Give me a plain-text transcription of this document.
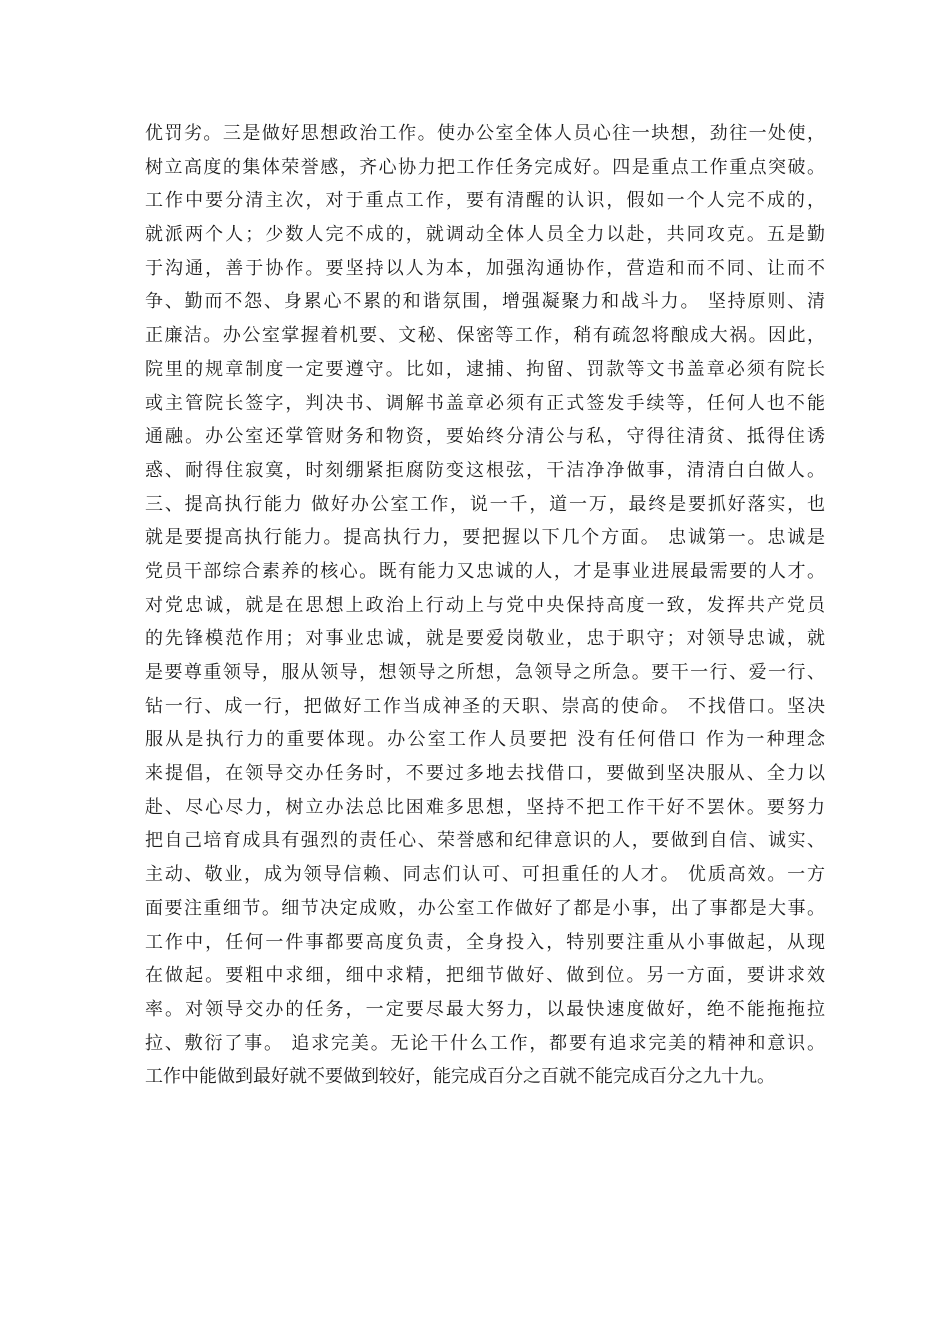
优罚劣。三是做好思想政治工作。使办公室全体人员心往一块想，劲往一处使，
树立高度的集体荣誉感，齐心协力把工作任务完成好。四是重点工作重点突破。
工作中要分清主次，对于重点工作，要有清醒的认识，假如一个人完不成的，
就派两个人；少数人完不成的，就调动全体人员全力以赴，共同攻克。五是勤
于沟通，善于协作。要坚持以人为本，加强沟通协作，营造和而不同、让而不
争、勤而不怨、身累心不累的和谐氛围，增强凝聚力和战斗力。 坚持原则、清
正廉洁。办公室掌握着机要、文秘、保密等工作，稍有疏忽将酿成大祸。因此，
院里的规章制度一定要遵守。比如，逮捕、拘留、罚款等文书盖章必须有院长
或主管院长签字，判决书、调解书盖章必须有正式签发手续等，任何人也不能
通融。办公室还掌管财务和物资，要始终分清公与私，守得往清贫、抵得住诱
惑、耐得住寂寞，时刻绷紧拒腐防变这根弦，干洁净净做事，清清白白做人。
三、提高执行能力 做好办公室工作，说一千，道一万，最终是要抓好落实，也
就是要提高执行能力。提高执行力，要把握以下几个方面。 忠诚第一。忠诚是
党员干部综合素养的核心。既有能力又忠诚的人，才是事业进展最需要的人才。
对党忠诚，就是在思想上政治上行动上与党中央保持高度一致，发挥共产党员
的先锋模范作用；对事业忠诚，就是要爱岗敬业，忠于职守；对领导忠诚，就
是要尊重领导，服从领导，想领导之所想，急领导之所急。要干一行、爱一行、
钻一行、成一行，把做好工作当成神圣的天职、崇高的使命。 不找借口。坚决
服从是执行力的重要体现。办公室工作人员要把 没有任何借口 作为一种理念
来提倡，在领导交办任务时，不要过多地去找借口，要做到坚决服从、全力以
赴、尽心尽力，树立办法总比困难多思想，坚持不把工作干好不罢休。要努力
把自己培育成具有强烈的责任心、荣誉感和纪律意识的人，要做到自信、诚实、
主动、敬业，成为领导信赖、同志们认可、可担重任的人才。 优质高效。一方
面要注重细节。细节决定成败，办公室工作做好了都是小事，出了事都是大事。
工作中，任何一件事都要高度负责，全身投入，特别要注重从小事做起，从现
在做起。要粗中求细，细中求精，把细节做好、做到位。另一方面，要讲求效
率。对领导交办的任务，一定要尽最大努力，以最快速度做好，绝不能拖拖拉
拉、敷衍了事。 追求完美。无论干什么工作，都要有追求完美的精神和意识。
工作中能做到最好就不要做到较好，能完成百分之百就不能完成百分之九十九。
